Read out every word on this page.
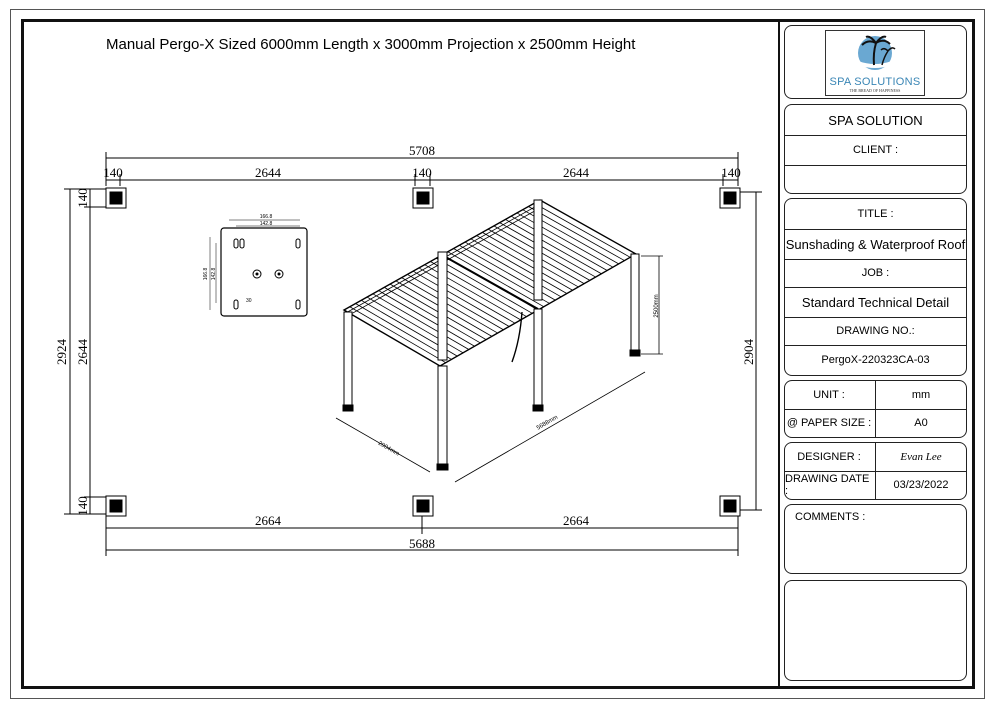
Manual Pergo-X Sized 6000mm Length x 3000mm Projection x 2500mm Height
5708
140	2644	140	2644	140
2664	2664
5688
2924 2644
140
140
2904
166.8
142.8
166.8 142.8
30
2904mm
5688mm
2500mm
SPA SOLUTIONS
THE BREAD OF HAPPINESS
SPA SOLUTION
CLIENT :
TITLE :
Sunshading & Waterproof Roof
JOB :
Standard Technical Detail
DRAWING NO.:
PergoX-220323CA-03
UNIT :	mm
@ PAPER SIZE :	A0
DESIGNER :	Evan Lee
DRAWING DATE :	03/23/2022
COMMENTS :
